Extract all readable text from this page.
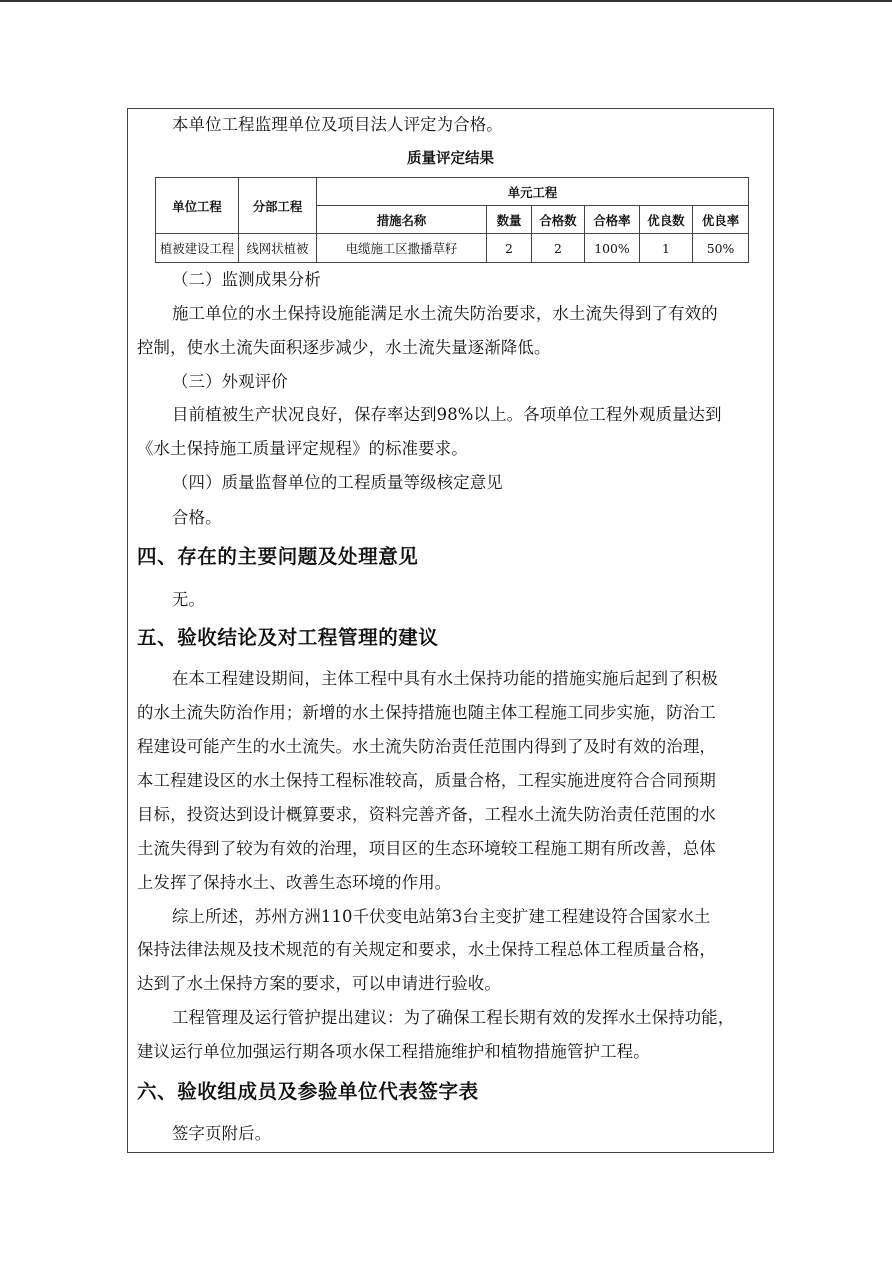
本单位工程监理单位及项目法人评定为合格。
质量评定结果
单位工程	分部工程	单元工程					
		措施名称	数量	合格数	合格率	优良数	优良率
植被建设工程	线网状植被	电缆施工区撒播草籽	2	2	100%	1	50%
（二）监测成果分析
施工单位的水土保持设施能满足水土流失防治要求，水土流失得到了有效的
控制，使水土流失面积逐步减少，水土流失量逐渐降低。
（三）外观评价
目前植被生产状况良好，保存率达到98%以上。各项单位工程外观质量达到
《水土保持施工质量评定规程》的标准要求。
（四）质量监督单位的工程质量等级核定意见
合格。
四、存在的主要问题及处理意见
无。
五、验收结论及对工程管理的建议
在本工程建设期间，主体工程中具有水土保持功能的措施实施后起到了积极
的水土流失防治作用；新增的水土保持措施也随主体工程施工同步实施，防治工
程建设可能产生的水土流失。水土流失防治责任范围内得到了及时有效的治理，
本工程建设区的水土保持工程标准较高，质量合格，工程实施进度符合合同预期
目标，投资达到设计概算要求，资料完善齐备，工程水土流失防治责任范围的水
土流失得到了较为有效的治理，项目区的生态环境较工程施工期有所改善，总体
上发挥了保持水土、改善生态环境的作用。
综上所述，苏州方洲110千伏变电站第3台主变扩建工程建设符合国家水土
保持法律法规及技术规范的有关规定和要求，水土保持工程总体工程质量合格，
达到了水土保持方案的要求，可以申请进行验收。
工程管理及运行管护提出建议：为了确保工程长期有效的发挥水土保持功能，
建议运行单位加强运行期各项水保工程措施维护和植物措施管护工程。
六、验收组成员及参验单位代表签字表
签字页附后。
